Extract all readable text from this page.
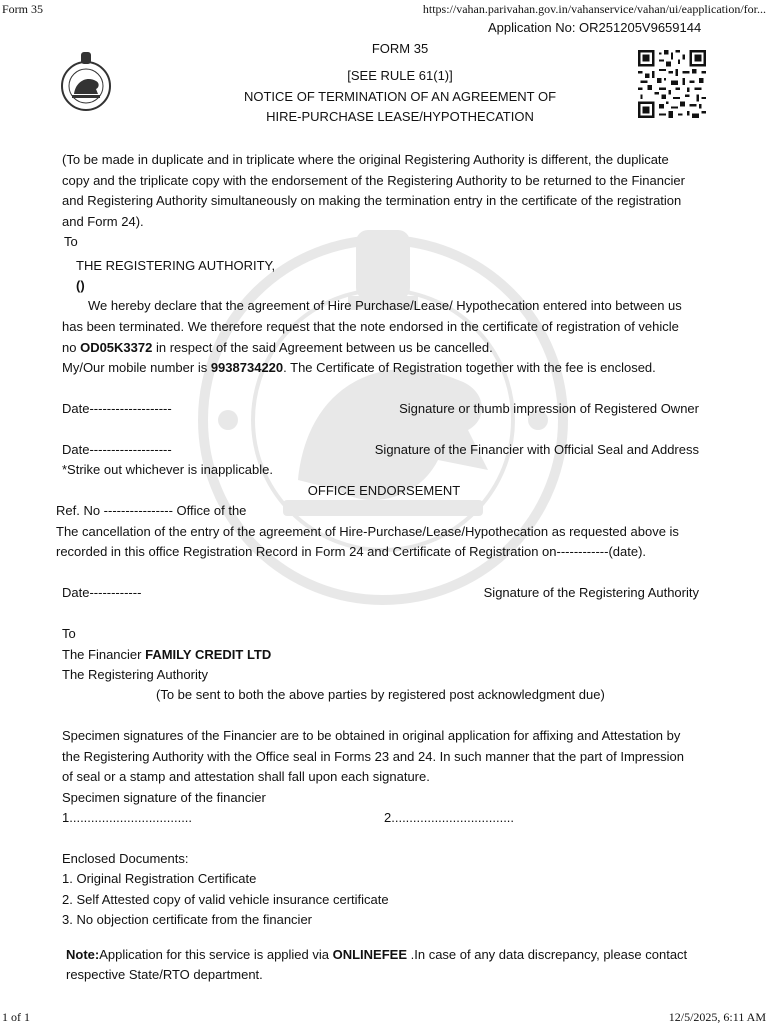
Form 35	https://vahan.parivahan.gov.in/vahanservice/vahan/ui/eapplication/for...
1 of 1	12/5/2025, 6:11 AM
Application No: OR251205V9659144
FORM 35
[SEE RULE 61(1)]
NOTICE OF TERMINATION OF AN AGREEMENT OF
HIRE-PURCHASE LEASE/HYPOTHECATION
(To be made in duplicate and in triplicate where the original Registering Authority is different, the duplicate
copy and the triplicate copy with the endorsement of the Registering Authority to be returned to the Financier
and Registering Authority simultaneously on making the termination entry in the certificate of the registration
and Form 24).
To
THE REGISTERING AUTHORITY,
()
We hereby declare that the agreement of Hire Purchase/Lease/ Hypothecation entered into between us
has been terminated. We therefore request that the note endorsed in the certificate of registration of vehicle
no OD05K3372 in respect of the said Agreement between us be cancelled.
My/Our mobile number is 9938734220. The Certificate of Registration together with the fee is enclosed.
Date-------------------	Signature or thumb impression of Registered Owner
Date-------------------	Signature of the Financier with Official Seal and Address
*Strike out whichever is inapplicable.
OFFICE ENDORSEMENT
Ref. No ---------------- Office of the
The cancellation of the entry of the agreement of Hire-Purchase/Lease/Hypothecation as requested above is
recorded in this office Registration Record in Form 24 and Certificate of Registration on------------(date).
Date------------	Signature of the Registering Authority
To
The Financier FAMILY CREDIT LTD
The Registering Authority
(To be sent to both the above parties by registered post acknowledgment due)
Specimen signatures of the Financier are to be obtained in original application for affixing and Attestation by
the Registering Authority with the Office seal in Forms 23 and 24. In such manner that the part of Impression
of seal or a stamp and attestation shall fall upon each signature.
Specimen signature of the financier
1..................................	2..................................
Enclosed Documents:
1. Original Registration Certificate
2. Self Attested copy of valid vehicle insurance certificate
3. No objection certificate from the financier
Note:Application for this service is applied via ONLINEFEE .In case of any data discrepancy, please contact
respective State/RTO department.
